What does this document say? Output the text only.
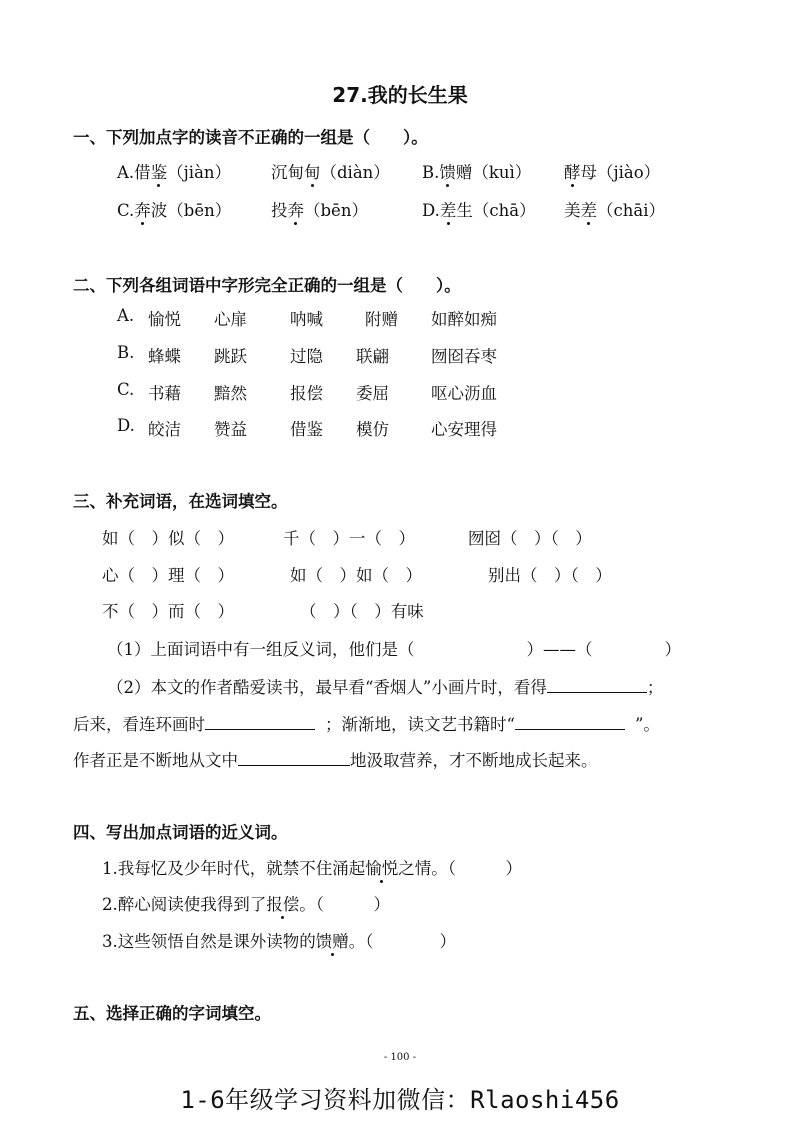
27.我的长生果
一、下列加点字的读音不正确的一组是（　　）。
A.借鉴（jiàn） 沉甸甸（diàn） B.馈赠（kuì） 酵母（jiào）
C.奔波（bēn） 投奔（bēn）	D.差生（chā） 美差（chāi）
二、下列各组词语中字形完全正确的一组是（　　）。
A. 愉悦 心扉	呐喊	附赠 如醉如痴
B. 蜂蝶 跳跃	过隐 联翩	囫囵吞枣
C. 书藉 黯然	报偿 委屈	呕心沥血
D. 皎洁 赞益	借鉴 模仿	心安理得
三、补充词语，在选词填空。
如（　）似（　）	千（　）一（　）	囫囵（　）（　）
心（　）理（　）	如（　）如（　）	别出（　）（　）
不（　）而（　）	（　）（　）有味
（1）上面词语中有一组反义词，他们是（	）——（	）
（2）本文的作者酷爱读书，最早看“香烟人”小画片时，看得	；
后来，看连环画时	；渐渐地，读文艺书籍时“	”。
作者正是不断地从文中	地汲取营养，才不断地成长起来。
四、写出加点词语的近义词。
1.我每忆及少年时代，就禁不住涌起愉悦之情。（　　　）
2.醉心阅读使我得到了报偿。（　　　）
3.这些领悟自然是课外读物的馈赠。（　　　　）
五、选择正确的字词填空。
- 100 -
1-6年级学习资料加微信：Rlaoshi456
